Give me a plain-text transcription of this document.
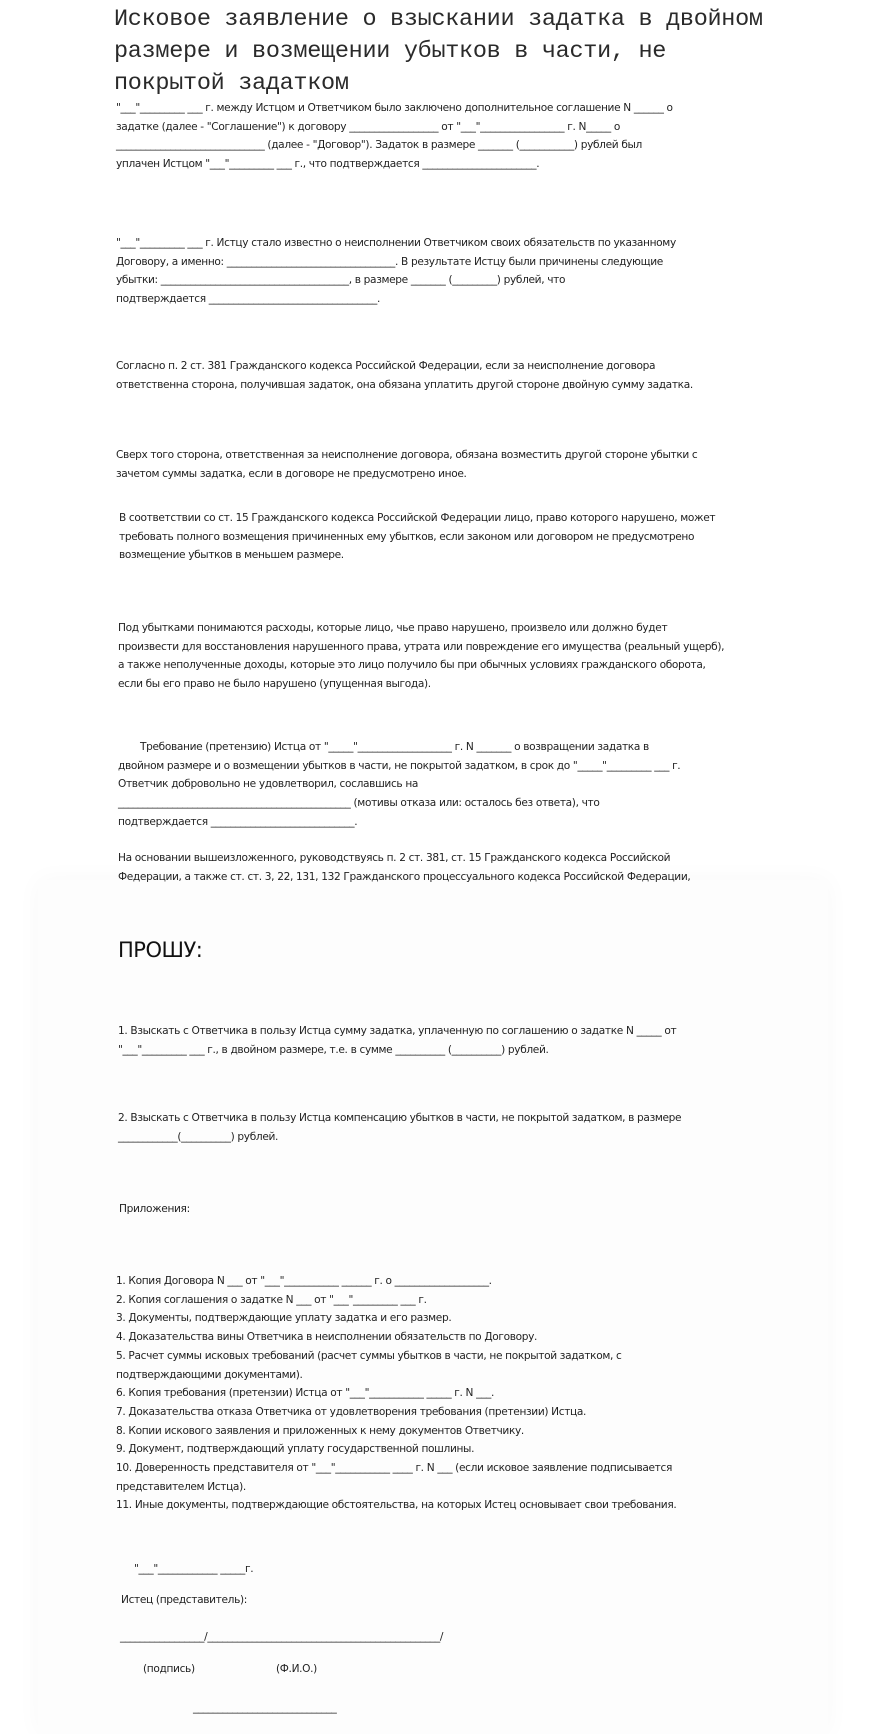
Исковое заявление о взыскании задатка в двойном
размере и возмещении убытков в части, не
покрытой задатком

"___"_________ ___ г. между Истцом и Ответчиком было заключено дополнительное соглашение N ______ о
задатке (далее - "Соглашение") к договору __________________ от "___"_________________ г. N_____ о
______________________________ (далее - "Договор"). Задаток в размере _______ (___________) рублей был
уплачен Истцом "___"_________ ___ г., что подтверждается _______________________.

"___"_________ ___ г. Истцу стало известно о неисполнении Ответчиком своих обязательств по указанному
Договору, а именно: __________________________________. В результате Истцу были причинены следующие
убытки: ______________________________________, в размере _______ (_________) рублей, что
подтверждается __________________________________.

Согласно п. 2 ст. 381 Гражданского кодекса Российской Федерации, если за неисполнение договора
ответственна сторона, получившая задаток, она обязана уплатить другой стороне двойную сумму задатка.

Сверх того сторона, ответственная за неисполнение договора, обязана возместить другой стороне убытки с
зачетом суммы задатка, если в договоре не предусмотрено иное.

В соответствии со ст. 15 Гражданского кодекса Российской Федерации лицо, право которого нарушено, может
требовать полного возмещения причиненных ему убытков, если законом или договором не предусмотрено
возмещение убытков в меньшем размере.

Под убытками понимаются расходы, которые лицо, чье право нарушено, произвело или должно будет
произвести для восстановления нарушенного права, утрата или повреждение его имущества (реальный ущерб),
а также неполученные доходы, которые это лицо получило бы при обычных условиях гражданского оборота,
если бы его право не было нарушено (упущенная выгода).

Требование (претензию) Истца от "_____"___________________ г. N _______ о возвращении задатка в
двойном размере и о возмещении убытков в части, не покрытой задатком, в срок до "_____"_________ ___ г.
Ответчик добровольно не удовлетворил, сославшись на
_______________________________________________ (мотивы отказа или: осталось без ответа), что
подтверждается _____________________________.

На основании вышеизложенного, руководствуясь п. 2 ст. 381, ст. 15 Гражданского кодекса Российской
Федерации, а также ст. ст. 3, 22, 131, 132 Гражданского процессуального кодекса Российской Федерации,

ПРОШУ:

1. Взыскать с Ответчика в пользу Истца сумму задатка, уплаченную по соглашению о задатке N _____ от
"___"_________ ___ г., в двойном размере, т.е. в сумме __________ (__________) рублей.

2. Взыскать с Ответчика в пользу Истца компенсацию убытков в части, не покрытой задатком, в размере
____________(__________) рублей.

Приложения:

1. Копия Договора N ___ от "___"___________ ______ г. о ___________________.
2. Копия соглашения о задатке N ___ от "___"_________ ___ г.
3. Документы, подтверждающие уплату задатка и его размер.
4. Доказательства вины Ответчика в неисполнении обязательств по Договору.
5. Расчет суммы исковых требований (расчет суммы убытков в части, не покрытой задатком, с
подтверждающими документами).
6. Копия требования (претензии) Истца от "___"___________ _____ г. N ___.
7. Доказательства отказа Ответчика от удовлетворения требования (претензии) Истца.
8. Копии искового заявления и приложенных к нему документов Ответчику.
9. Документ, подтверждающий уплату государственной пошлины.
10. Доверенность представителя от "___"___________ ____ г. N ___ (если исковое заявление подписывается
представителем Истца).
11. Иные документы, подтверждающие обстоятельства, на которых Истец основывает свои требования.
"___"____________ _____г.
Истец (представитель):
_________________/_______________________________________________/
(подпись)	(Ф.И.О.)
_____________________________
